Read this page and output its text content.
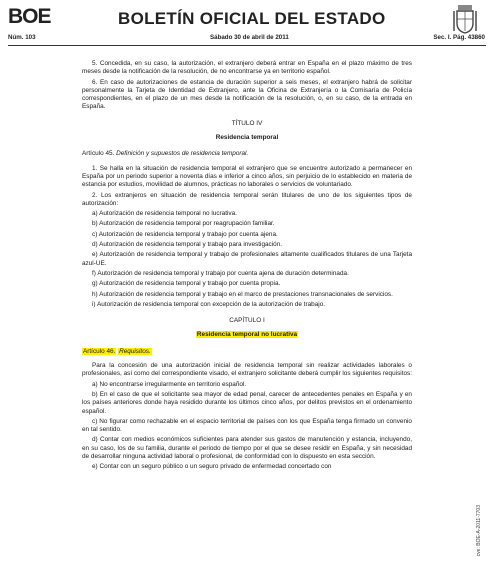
BOE	BOLETÍN OFICIAL DEL ESTADO
Núm. 103	Sábado 30 de abril de 2011	Sec. I. Pág. 43860

5. Concedida, en su caso, la autorización, el extranjero deberá entrar en España en el plazo máximo de tres meses desde la notificación de la resolución, de no encontrarse ya en territorio español.

6. En caso de autorizaciones de estancia de duración superior a seis meses, el extranjero habrá de solicitar personalmente la Tarjeta de Identidad de Extranjero, ante la Oficina de Extranjería o la Comisaría de Policía correspondientes, en el plazo de un mes desde la notificación de la resolución, o, en su caso, de la entrada en España.

TÍTULO IV

Residencia temporal

Artículo 45. Definición y supuestos de residencia temporal.

1. Se halla en la situación de residencia temporal el extranjero que se encuentre autorizado a permanecer en España por un periodo superior a noventa días e inferior a cinco años, sin perjuicio de lo establecido en materia de estancia por estudios, movilidad de alumnos, prácticas no laborales o servicios de voluntariado.

2. Los extranjeros en situación de residencia temporal serán titulares de uno de los siguientes tipos de autorización:

a) Autorización de residencia temporal no lucrativa.

b) Autorización de residencia temporal por reagrupación familiar.

c) Autorización de residencia temporal y trabajo por cuenta ajena.

d) Autorización de residencia temporal y trabajo para investigación.

e) Autorización de residencia temporal y trabajo de profesionales altamente cualificados titulares de una Tarjeta azul-UE.

f) Autorización de residencia temporal y trabajo por cuenta ajena de duración determinada.

g) Autorización de residencia temporal y trabajo por cuenta propia.

h) Autorización de residencia temporal y trabajo en el marco de prestaciones transnacionales de servicios.

i) Autorización de residencia temporal con excepción de la autorización de trabajo.

CAPÍTULO I

Residencia temporal no lucrativa

Artículo 46. Requisitos.

Para la concesión de una autorización inicial de residencia temporal sin realizar actividades laborales o profesionales, así como del correspondiente visado, el extranjero solicitante deberá cumplir los siguientes requisitos:

a) No encontrarse irregularmente en territorio español.

b) En el caso de que el solicitante sea mayor de edad penal, carecer de antecedentes penales en España y en los países anteriores donde haya residido durante los últimos cinco años, por delitos previstos en el ordenamiento español.

c) No figurar como rechazable en el espacio territorial de países con los que España tenga firmado un convenio en tal sentido.

d) Contar con medios económicos suficientes para atender sus gastos de manutención y estancia, incluyendo, en su caso, los de su familia, durante el periodo de tiempo por el que se desee residir en España, y sin necesidad de desarrollar ninguna actividad laboral o profesional, de conformidad con lo dispuesto en esta sección.

e) Contar con un seguro público o un seguro privado de enfermedad concertado con

cve: BOE-A-2011-7703
